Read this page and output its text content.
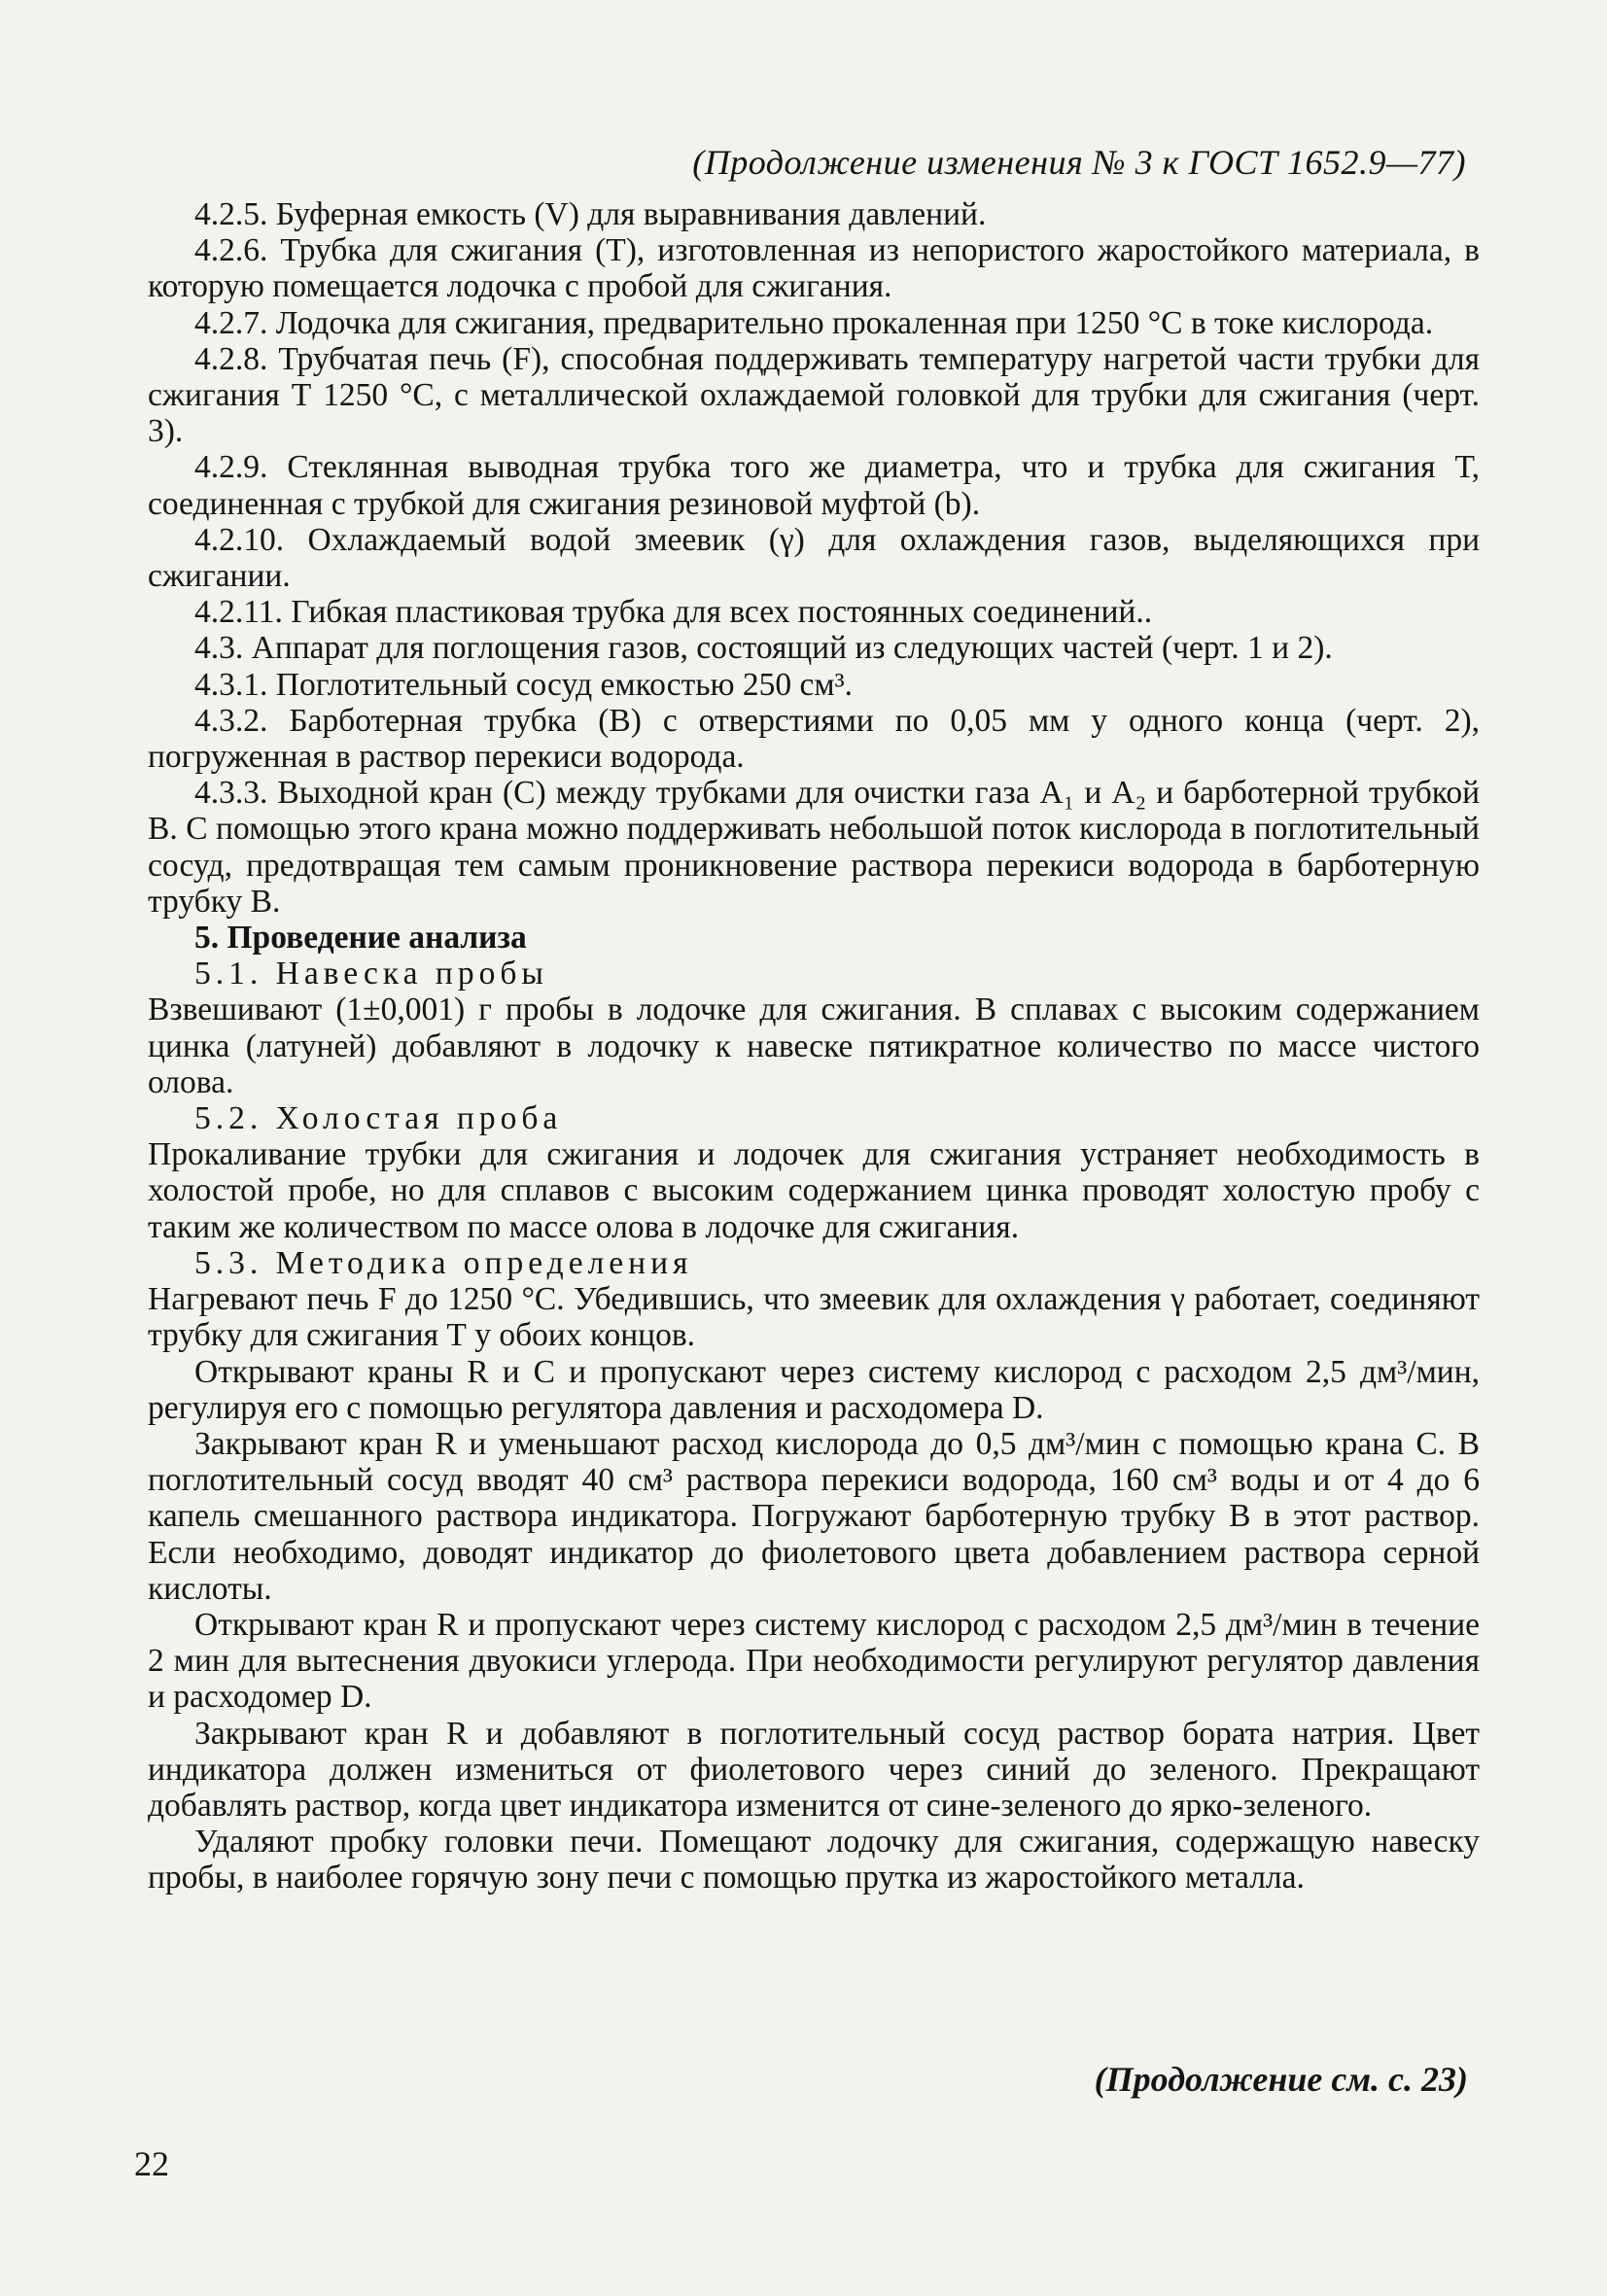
(Продолжение изменения № 3 к ГОСТ 1652.9—77)

4.2.5. Буферная емкость (V) для выравнивания давлений.

4.2.6. Трубка для сжигания (Т), изготовленная из непористого жаростойкого материала, в которую помещается лодочка с пробой для сжигания.

4.2.7. Лодочка для сжигания, предварительно прокаленная при 1250 °С в токе кислорода.

4.2.8. Трубчатая печь (F), способная поддерживать температуру нагретой части трубки для сжигания Т 1250 °С, с металлической охлаждаемой головкой для трубки для сжигания (черт. 3).

4.2.9. Стеклянная выводная трубка того же диаметра, что и трубка для сжигания Т, соединенная с трубкой для сжигания резиновой муфтой (b).

4.2.10. Охлаждаемый водой змеевик (γ) для охлаждения газов, выделяющихся при сжигании.

4.2.11. Гибкая пластиковая трубка для всех постоянных соединений..

4.3. Аппарат для поглощения газов, состоящий из следующих частей (черт. 1 и 2).

4.3.1. Поглотительный сосуд емкостью 250 см³.

4.3.2. Барботерная трубка (В) с отверстиями по 0,05 мм у одного конца (черт. 2), погруженная в раствор перекиси водорода.

4.3.3. Выходной кран (С) между трубками для очистки газа A₁ и A₂ и барботерной трубкой В. С помощью этого крана можно поддерживать небольшой поток кислорода в поглотительный сосуд, предотвращая тем самым проникновение раствора перекиси водорода в барботерную трубку В.

5. Проведение анализа

5.1. Навеска пробы

Взвешивают (1±0,001) г пробы в лодочке для сжигания. В сплавах с высоким содержанием цинка (латуней) добавляют в лодочку к навеске пятикратное количество по массе чистого олова.

5.2. Холостая проба

Прокаливание трубки для сжигания и лодочек для сжигания устраняет необходимость в холостой пробе, но для сплавов с высоким содержанием цинка проводят холостую пробу с таким же количеством по массе олова в лодочке для сжигания.

5.3. Методика определения

Нагревают печь F до 1250 °С. Убедившись, что змеевик для охлаждения γ работает, соединяют трубку для сжигания Т у обоих концов.

Открывают краны R и С и пропускают через систему кислород с расходом 2,5 дм³/мин, регулируя его с помощью регулятора давления и расходомера D.

Закрывают кран R и уменьшают расход кислорода до 0,5 дм³/мин с помощью крана С. В поглотительный сосуд вводят 40 см³ раствора перекиси водорода, 160 см³ воды и от 4 до 6 капель смешанного раствора индикатора. Погружают барботерную трубку В в этот раствор. Если необходимо, доводят индикатор до фиолетового цвета добавлением раствора серной кислоты.

Открывают кран R и пропускают через систему кислород с расходом 2,5 дм³/мин в течение 2 мин для вытеснения двуокиси углерода. При необходимости регулируют регулятор давления и расходомер D.

Закрывают кран R и добавляют в поглотительный сосуд раствор бората натрия. Цвет индикатора должен измениться от фиолетового через синий до зеленого. Прекращают добавлять раствор, когда цвет индикатора изменится от сине-зеленого до ярко-зеленого.

Удаляют пробку головки печи. Помещают лодочку для сжигания, содержащую навеску пробы, в наиболее горячую зону печи с помощью прутка из жаростойкого металла.

(Продолжение см. с. 23)
22
